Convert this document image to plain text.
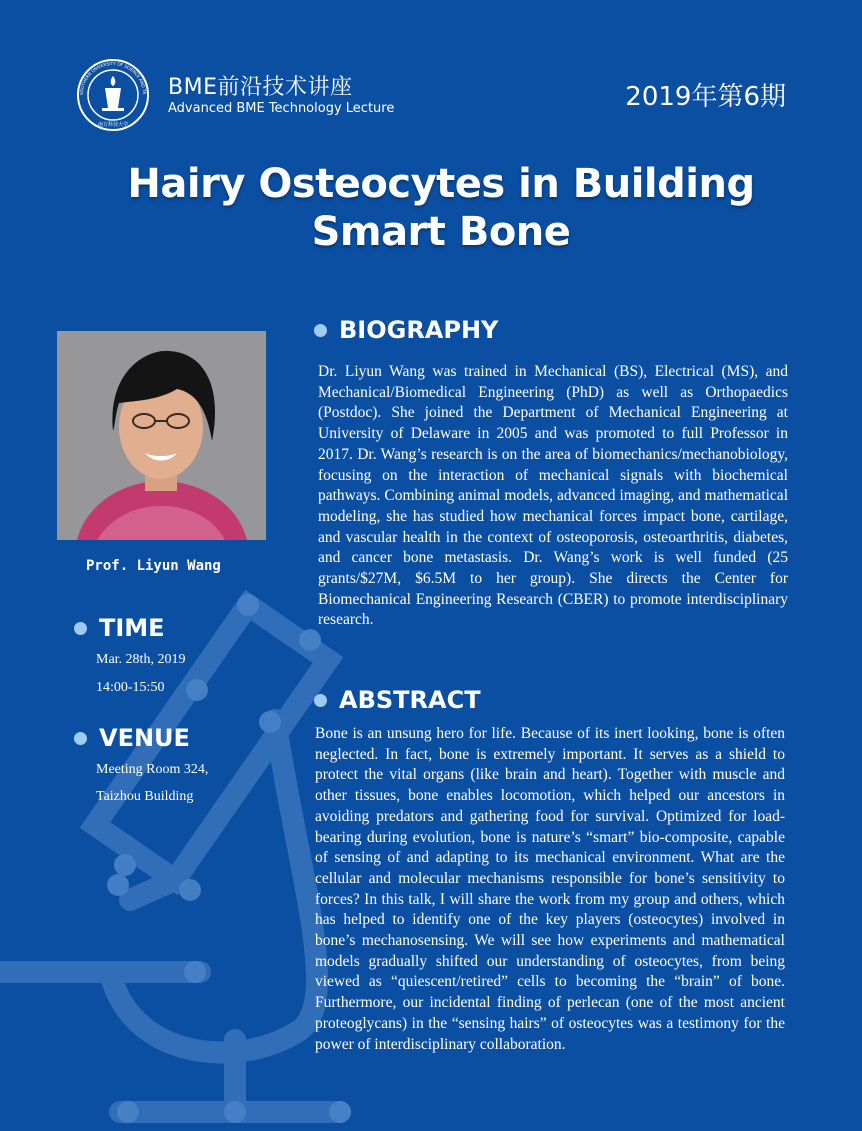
SOUTHERN UNIVERSITY OF SCIENCE AND TE
南方科技大学
BME前沿技术讲座
Advanced BME Technology Lecture	2019年第6期
Hairy Osteocytes in Building
Smart Bone
Prof. Liyun Wang
TIME
Mar. 28th, 2019
14:00-15:50
VENUE
Meeting Room 324,
Taizhou Building
BIOGRAPHY
Dr. Liyun Wang was trained in Mechanical (BS), Electrical (MS), and Mechanical/Biomedical Engineering (PhD) as well as Orthopaedics (Postdoc). She joined the Department of Mechanical Engineering at University of Delaware in 2005 and was promoted to full Professor in 2017. Dr. Wang’s research is on the area of biomechanics/mechanobiology, focusing on the interaction of mechanical signals with biochemical pathways. Combining animal models, advanced imaging, and mathematical modeling, she has studied how mechanical forces impact bone, cartilage, and vascular health in the context of osteoporosis, osteoarthritis, diabetes, and cancer bone metastasis. Dr. Wang’s work is well funded (25 grants/$27M, $6.5M to her group). She directs the Center for Biomechanical Engineering Research (CBER) to promote interdisciplinary research.
ABSTRACT
Bone is an unsung hero for life. Because of its inert looking, bone is often neglected. In fact, bone is extremely important. It serves as a shield to protect the vital organs (like brain and heart). Together with muscle and other tissues, bone enables locomotion, which helped our ancestors in avoiding predators and gathering food for survival. Optimized for load-bearing during evolution, bone is nature’s “smart” bio-composite, capable of sensing of and adapting to its mechanical environment. What are the cellular and molecular mechanisms responsible for bone’s sensitivity to forces? In this talk, I will share the work from my group and others, which has helped to identify one of the key players (osteocytes) involved in bone’s mechanosensing. We will see how experiments and mathematical models gradually shifted our understanding of osteocytes, from being viewed as “quiescent/retired” cells to becoming the “brain” of bone. Furthermore, our incidental finding of perlecan (one of the most ancient proteoglycans) in the “sensing hairs” of osteocytes was a testimony for the power of interdisciplinary collaboration.
